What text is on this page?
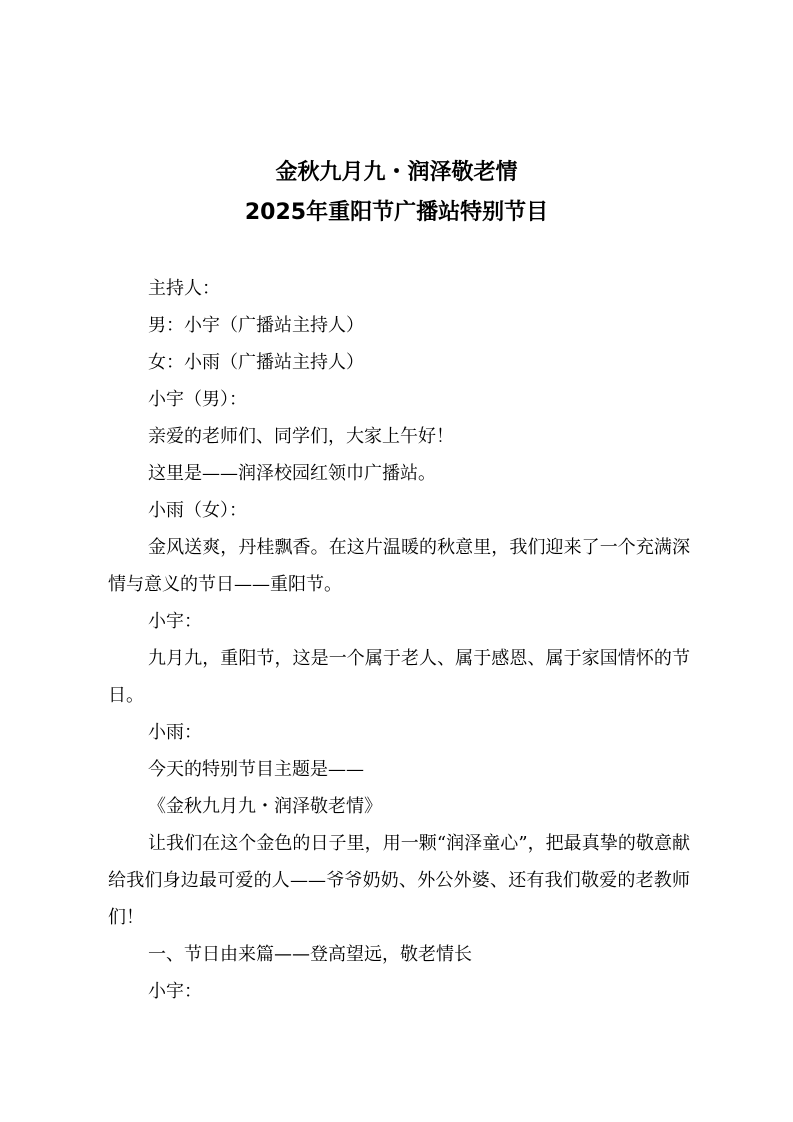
金秋九月九・润泽敬老情
2025年重阳节广播站特别节目

主持人：

男：小宇（广播站主持人）

女：小雨（广播站主持人）

小宇（男）：

亲爱的老师们、同学们，大家上午好！

这里是——润泽校园红领巾广播站。

小雨（女）：

金风送爽，丹桂飘香。在这片温暖的秋意里，我们迎来了一个充满深情与意义的节日——重阳节。

小宇：

九月九，重阳节，这是一个属于老人、属于感恩、属于家国情怀的节日。

小雨：

今天的特别节目主题是——

《金秋九月九・润泽敬老情》

让我们在这个金色的日子里，用一颗“润泽童心”，把最真挚的敬意献给我们身边最可爱的人——爷爷奶奶、外公外婆、还有我们敬爱的老教师们！

一、节日由来篇——登高望远，敬老情长

小宇：
